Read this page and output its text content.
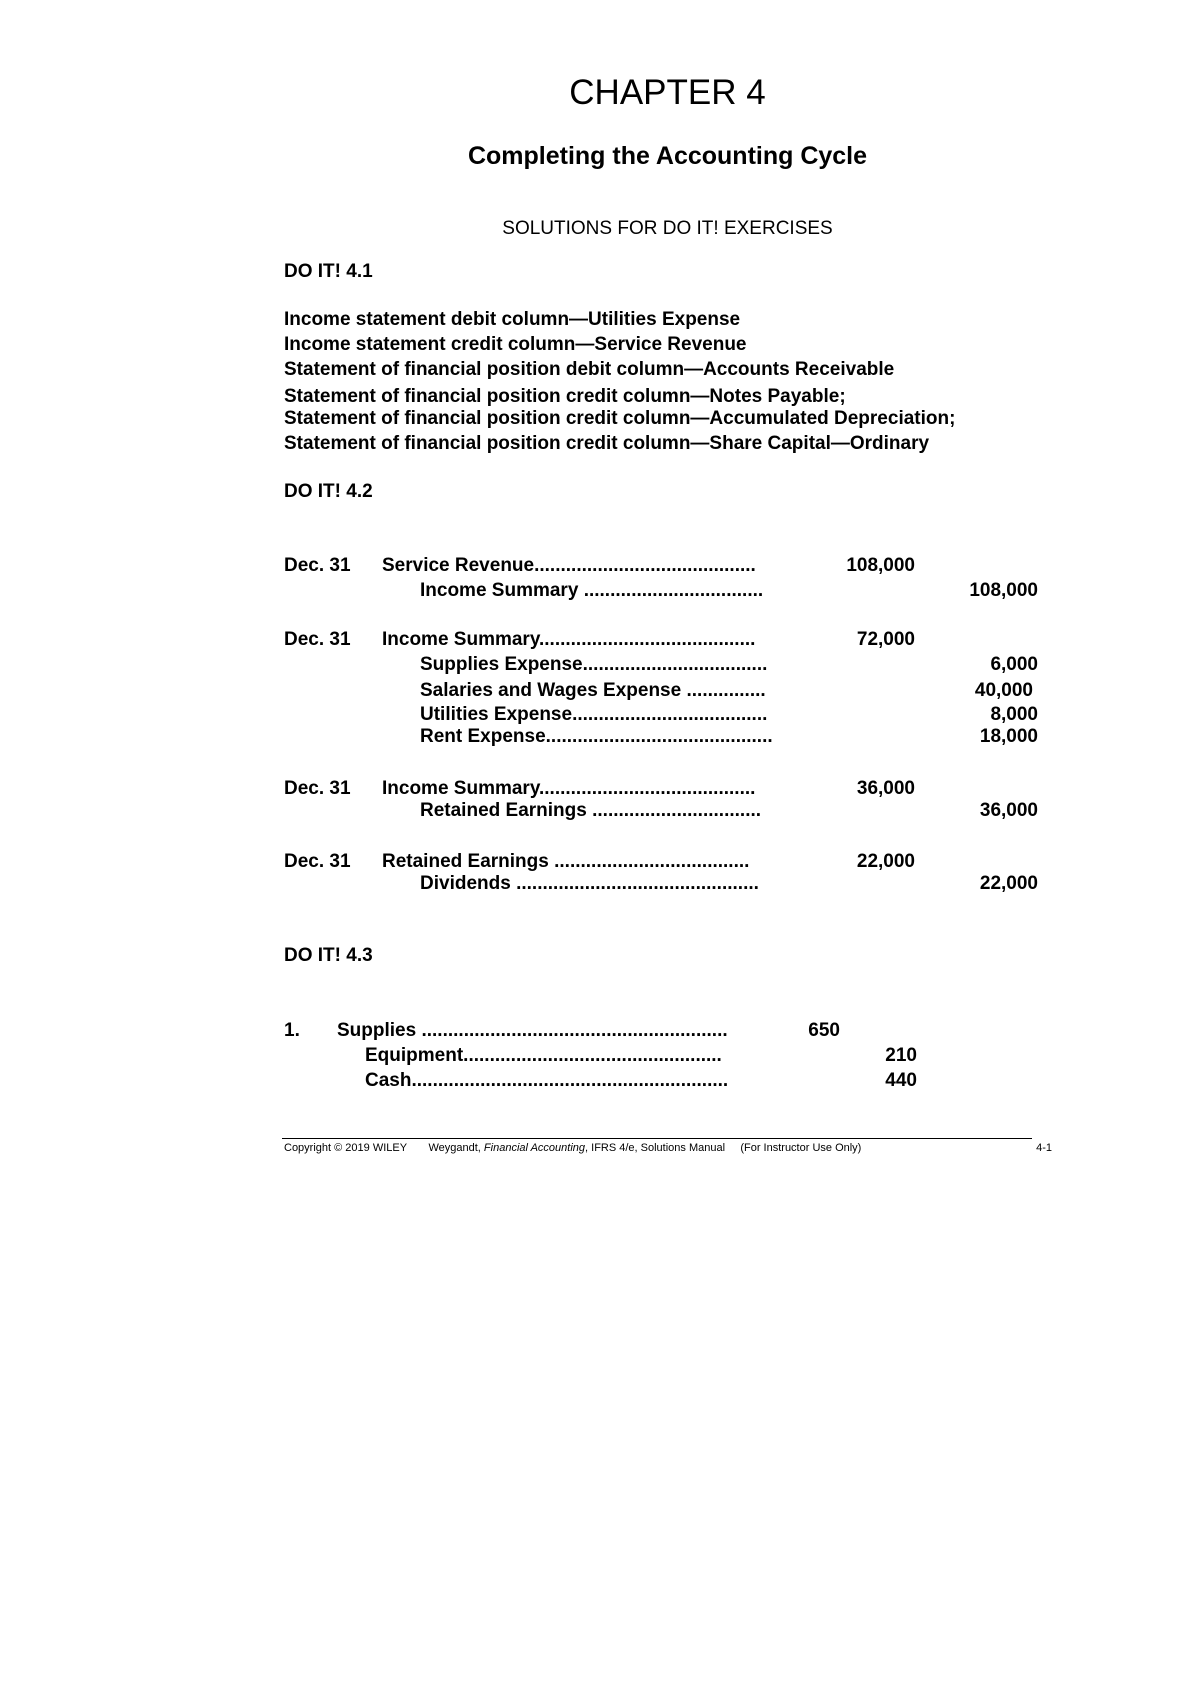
CHAPTER 4
Completing the Accounting Cycle
SOLUTIONS FOR DO IT! EXERCISES
DO IT! 4.1
Income statement debit column—Utilities Expense
Income statement credit column—Service Revenue
Statement of financial position debit column—Accounts Receivable
Statement of financial position credit column—Notes Payable;
Statement of financial position credit column—Accumulated Depreciation;
Statement of financial position credit column—Share Capital—Ordinary
DO IT! 4.2
Dec. 31 Service Revenue..........................................	108,000
Income Summary ..................................	108,000
Dec. 31 Income Summary.........................................	72,000
Supplies Expense...................................	6,000
Salaries and Wages Expense ...............	40,000
Utilities Expense.....................................	8,000
Rent Expense...........................................	18,000
Dec. 31 Income Summary.........................................	36,000
Retained Earnings ................................	36,000
Dec. 31 Retained Earnings .....................................	22,000
Dividends ..............................................	22,000
DO IT! 4.3
1. Supplies ..........................................................	650
Equipment.................................................	210
Cash............................................................	440
Copyright © 2019 WILEY Weygandt, Financial Accounting, IFRS 4/e, Solutions Manual (For Instructor Use Only)	4-1
